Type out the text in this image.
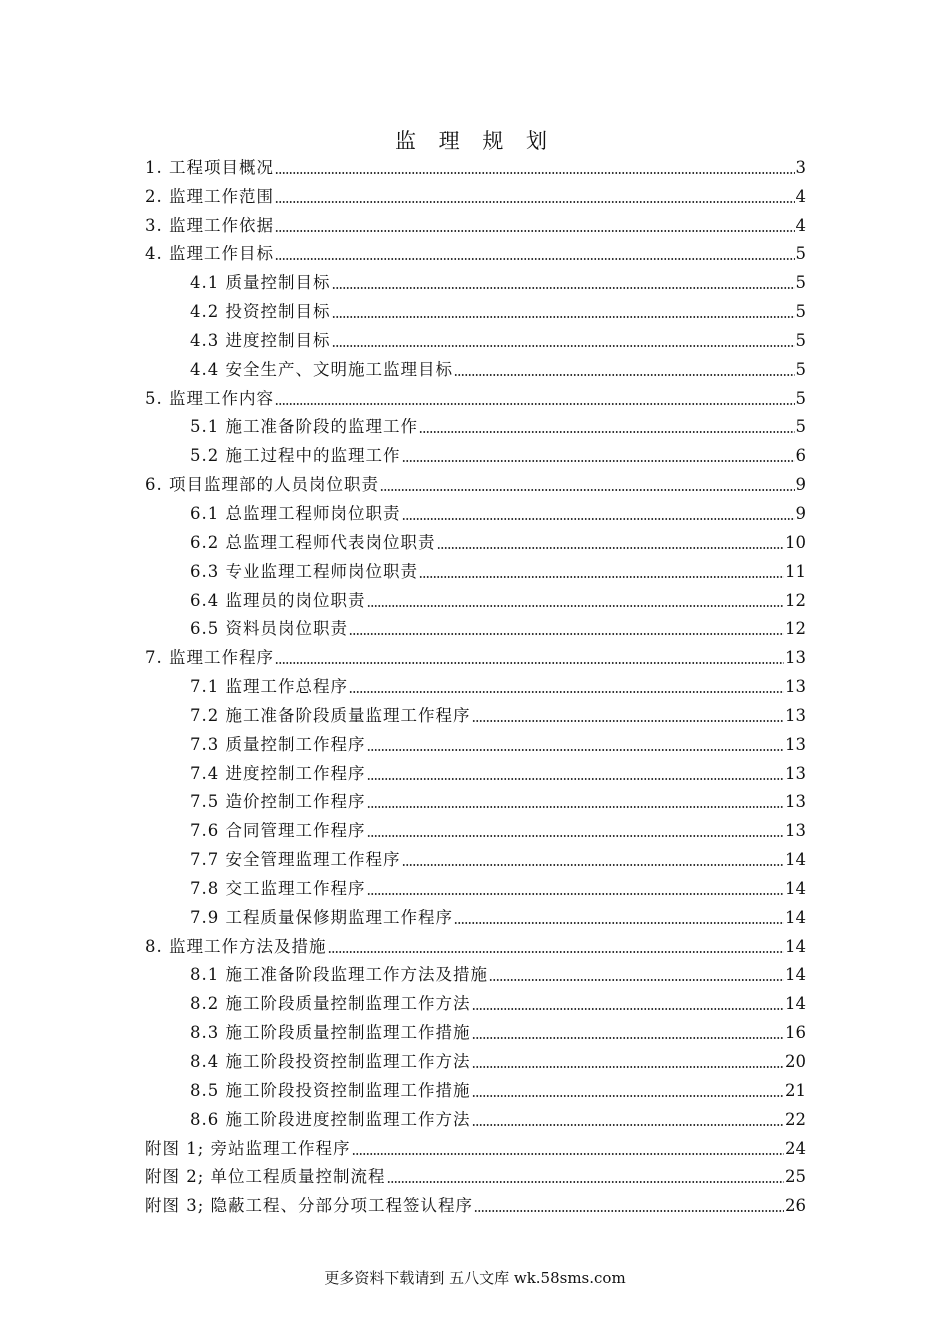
监 理 规 划
1. 工程项目概况	3
2. 监理工作范围	4
3. 监理工作依据	4
4. 监理工作目标	5
4.1 质量控制目标	5
4.2 投资控制目标	5
4.3 进度控制目标	5
4.4 安全生产、文明施工监理目标	5
5. 监理工作内容	5
5.1 施工准备阶段的监理工作	5
5.2 施工过程中的监理工作	6
6. 项目监理部的人员岗位职责	9
6.1 总监理工程师岗位职责	9
6.2 总监理工程师代表岗位职责	10
6.3 专业监理工程师岗位职责	11
6.4 监理员的岗位职责	12
6.5 资料员岗位职责	12
7. 监理工作程序	13
7.1 监理工作总程序	13
7.2 施工准备阶段质量监理工作程序	13
7.3 质量控制工作程序	13
7.4 进度控制工作程序	13
7.5 造价控制工作程序	13
7.6 合同管理工作程序	13
7.7 安全管理监理工作程序	14
7.8 交工监理工作程序	14
7.9 工程质量保修期监理工作程序	14
8. 监理工作方法及措施	14
8.1 施工准备阶段监理工作方法及措施	14
8.2 施工阶段质量控制监理工作方法	14
8.3 施工阶段质量控制监理工作措施	16
8.4 施工阶段投资控制监理工作方法	20
8.5 施工阶段投资控制监理工作措施	21
8.6 施工阶段进度控制监理工作方法	22
附图 1; 旁站监理工作程序	24
附图 2; 单位工程质量控制流程	25
附图 3; 隐蔽工程、分部分项工程签认程序	26
更多资料下载请到 五八文库 wk.58sms.com
